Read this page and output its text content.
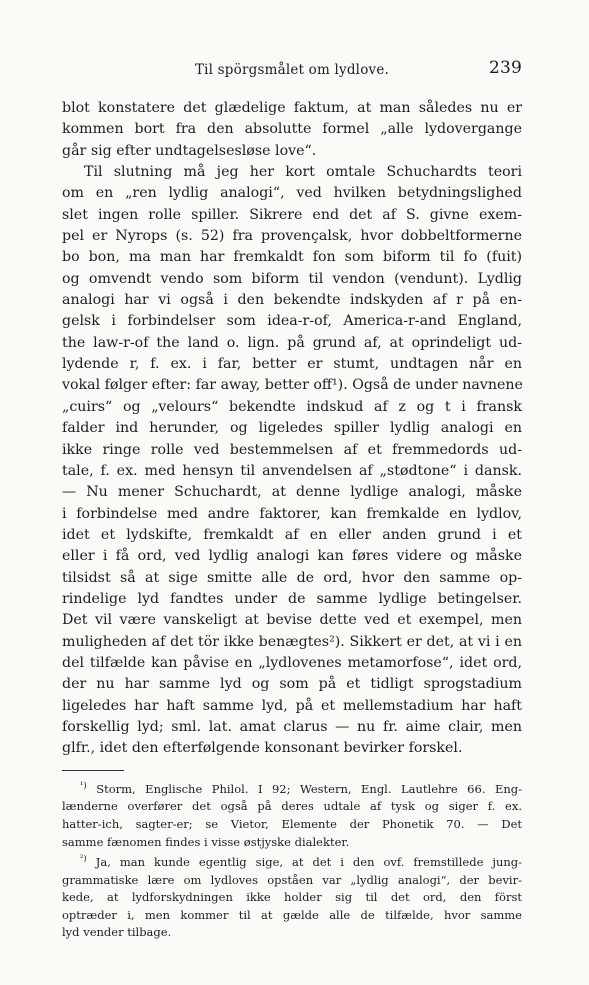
Til spörgsmålet om lydlove.	239
blot konstatere det glædelige faktum, at man således nu er
kommen bort fra den absolutte formel „alle lydovergange
går sig efter undtagelsesløse love“.
Til slutning må jeg her kort omtale Schuchardts teori
om en „ren lydlig analogi“, ved hvilken betydningslighed
slet ingen rolle spiller. Sikrere end det af S. givne exem-
pel er Nyrops (s. 52) fra provençalsk, hvor dobbeltformerne
bo bon, ma man har fremkaldt fon som biform til fo (fuit)
og omvendt vendo som biform til vendon (vendunt). Lydlig
analogi har vi også i den bekendte indskyden af r på en-
gelsk i forbindelser som idea-r-of, America-r-and England,
the law-r-of the land o. lign. på grund af, at oprindeligt ud-
lydende r, f. ex. i far, better er stumt, undtagen når en
vokal følger efter: far away, better off¹). Også de under navnene
„cuirs“ og „velours“ bekendte indskud af z og t i fransk
falder ind herunder, og ligeledes spiller lydlig analogi en
ikke ringe rolle ved bestemmelsen af et fremmedords ud-
tale, f. ex. med hensyn til anvendelsen af „stødtone“ i dansk.
— Nu mener Schuchardt, at denne lydlige analogi, måske
i forbindelse med andre faktorer, kan fremkalde en lydlov,
idet et lydskifte, fremkaldt af en eller anden grund i et
eller i få ord, ved lydlig analogi kan føres videre og måske
tilsidst så at sige smitte alle de ord, hvor den samme op-
rindelige lyd fandtes under de samme lydlige betingelser.
Det vil være vanskeligt at bevise dette ved et exempel, men
muligheden af det tör ikke benægtes²). Sikkert er det, at vi i en
del tilfælde kan påvise en „lydlovenes metamorfose“, idet ord,
der nu har samme lyd og som på et tidligt sprogstadium
ligeledes har haft samme lyd, på et mellemstadium har haft
forskellig lyd; sml. lat. amat clarus — nu fr. aime clair, men
glfr., idet den efterfølgende konsonant bevirker forskel.
$^{^1)}$ Storm, Englische Philol. I 92; Western, Engl. Lautlehre 66. Eng-
lænderne overfører det også på deres udtale af tysk og siger f. ex.
hatter-ich, sagter-er; se Vietor, Elemente der Phonetik 70. — Det
samme fænomen findes i visse østjyske dialekter.
$^{^2)}$ Ja, man kunde egentlig sige, at det i den ovf. fremstillede jung-
grammatiske lære om lydloves opståen var „lydlig analogi“, der bevir-
kede, at lydforskydningen ikke holder sig til det ord, den först
optræder i, men kommer til at gælde alle de tilfælde, hvor samme
lyd vender tilbage.
